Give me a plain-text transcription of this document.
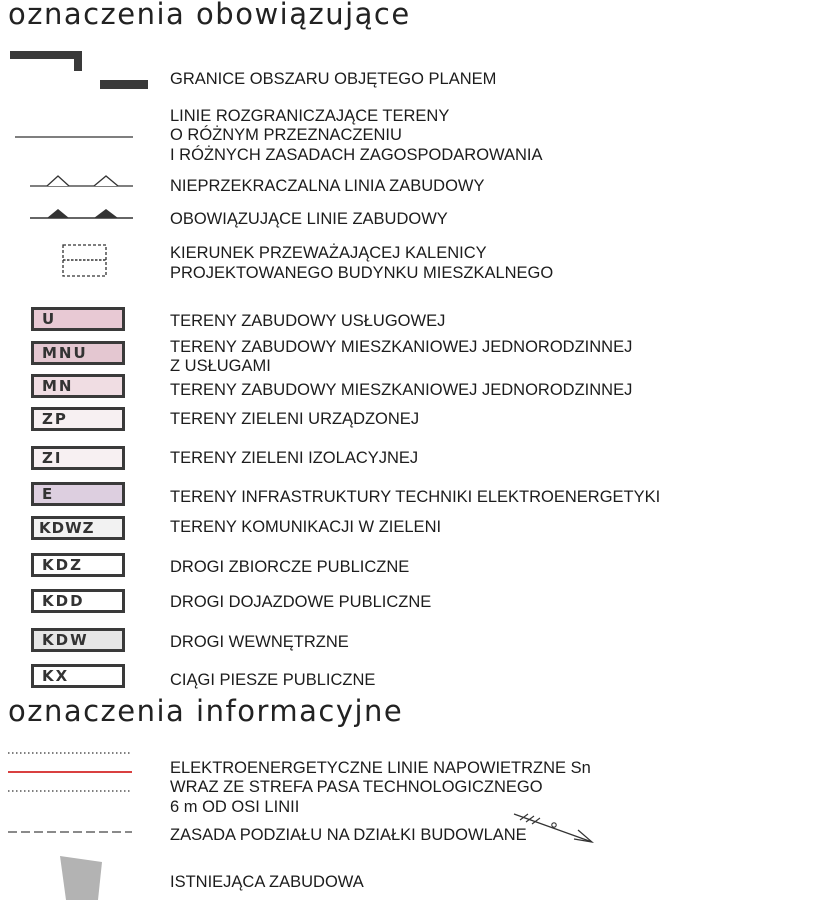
oznaczenia obowiązujące
GRANICE OBSZARU OBJĘTEGO PLANEM
LINIE ROZGRANICZAJĄCE TERENY
O RÓŻNYM PRZEZNACZENIU
I RÓŻNYCH ZASADACH ZAGOSPODAROWANIA
NIEPRZEKRACZALNA LINIA ZABUDOWY
OBOWIĄZUJĄCE LINIE ZABUDOWY
KIERUNEK PRZEWAŻAJĄCEJ KALENICY
PROJEKTOWANEGO BUDYNKU MIESZKALNEGO
U	TERENY ZABUDOWY USŁUGOWEJ
MNU	TERENY ZABUDOWY MIESZKANIOWEJ JEDNORODZINNEJ
Z USŁUGAMI
MN	TERENY ZABUDOWY MIESZKANIOWEJ JEDNORODZINNEJ
ZP	TERENY ZIELENI URZĄDZONEJ
ZI	TERENY ZIELENI IZOLACYJNEJ
E	TERENY INFRASTRUKTURY TECHNIKI ELEKTROENERGETYKI
KDWZ	TERENY KOMUNIKACJI W ZIELENI
KDZ	DROGI ZBIORCZE PUBLICZNE
KDD	DROGI DOJAZDOWE PUBLICZNE
KDW	DROGI WEWNĘTRZNE
KX	CIĄGI PIESZE PUBLICZNE
oznaczenia informacyjne
ELEKTROENERGETYCZNE LINIE NAPOWIETRZNE Sn
WRAZ ZE STREFA PASA TECHNOLOGICZNEGO
6 m OD OSI LINII
ZASADA PODZIAŁU NA DZIAŁKI BUDOWLANE
ISTNIEJĄCA ZABUDOWA
